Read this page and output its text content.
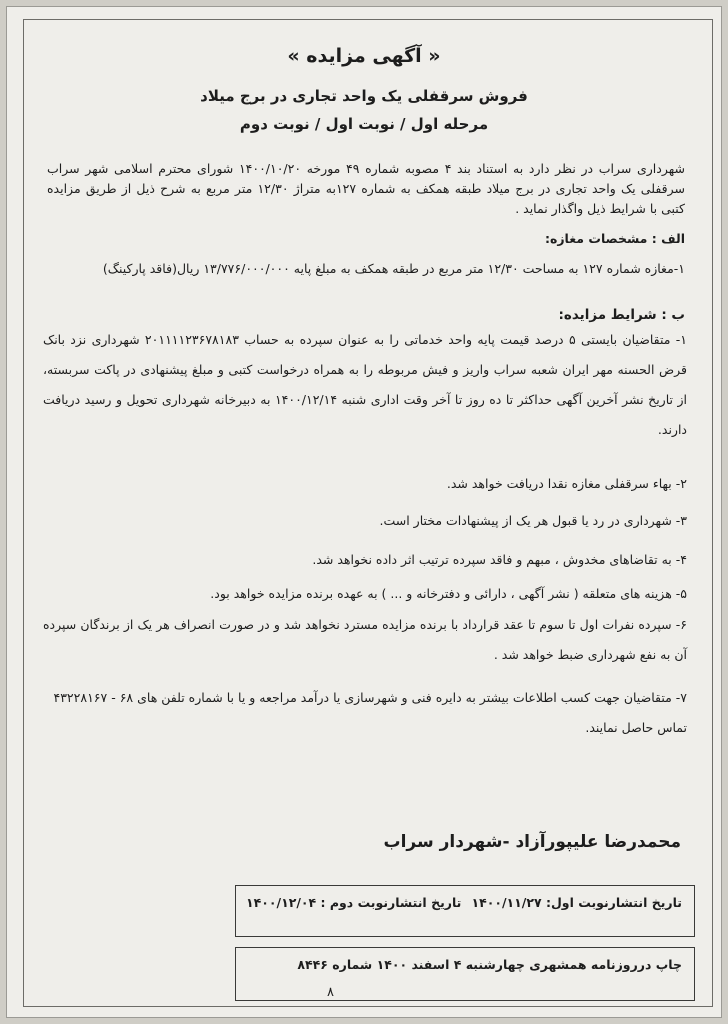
« آگهی مزایده »
فروش سرقفلی یک واحد تجاری در برج میلاد
مرحله اول / نوبت اول / نوبت دوم
شهرداری سراب در نظر دارد به استناد بند ۴ مصوبه شماره ۴۹ مورخه ۱۴۰۰/۱۰/۲۰ شورای محترم اسلامی شهر سراب سرقفلی یک واحد تجاری در برج میلاد طبقه همکف به شماره ۱۲۷به متراژ ۱۲/۳۰ متر مربع به شرح ذیل از طریق مزایده کتبی با شرایط ذیل واگذار نماید .
الف : مشخصات مغازه:
۱-مغازه شماره ۱۲۷ به مساحت ۱۲/۳۰ متر مربع در طبقه همکف به مبلغ پایه ۱۳/۷۷۶/۰۰۰/۰۰۰ ریال(فاقد پارکینگ)
ب : شرایط مزایده:
۱- متقاضیان بایستی ۵ درصد قیمت پایه واحد خدماتی را به عنوان سپرده به حساب ۲۰۱۱۱۱۲۳۶۷۸۱۸۳ شهرداری نزد بانک قرض الحسنه مهر ایران شعبه سراب واریز و فیش مربوطه را به همراه درخواست کتبی و مبلغ پیشنهادی در پاکت سربسته، از تاریخ نشر آخرین آگهی حداکثر تا ده روز تا آخر وقت اداری شنبه ۱۴۰۰/۱۲/۱۴ به دبیرخانه شهرداری تحویل و رسید دریافت دارند.
۲- بهاء سرقفلی مغازه نقدا دریافت خواهد شد.
۳- شهرداری در رد یا قبول هر یک از پیشنهادات مختار است.
۴- به تقاضاهای مخدوش ، مبهم و فاقد سپرده ترتیب اثر داده نخواهد شد.
۵- هزینه های متعلقه ( نشر آگهی ، دارائی و دفترخانه و ... ) به عهده برنده مزایده خواهد بود.
۶- سپرده نفرات اول تا سوم تا عقد قرارداد با برنده مزایده مسترد نخواهد شد و در صورت انصراف هر یک از برندگان سپرده آن به نفع شهرداری ضبط خواهد شد .
۷- متقاضیان جهت کسب اطلاعات بیشتر به دایره فنی و شهرسازی یا درآمد مراجعه و یا با شماره تلفن های ۶۸ - ۴۳۲۲۸۱۶۷ تماس حاصل نمایند.
محمدرضا علیپورآزاد -شهردار سراب
تاریخ انتشارنوبت اول: ۱۴۰۰/۱۱/۲۷
تاریخ انتشارنوبت دوم : ۱۴۰۰/۱۲/۰۴
چاپ درروزنامه همشهری چهارشنبه ۴ اسفند ۱۴۰۰ شماره ۸۴۴۶
۸
